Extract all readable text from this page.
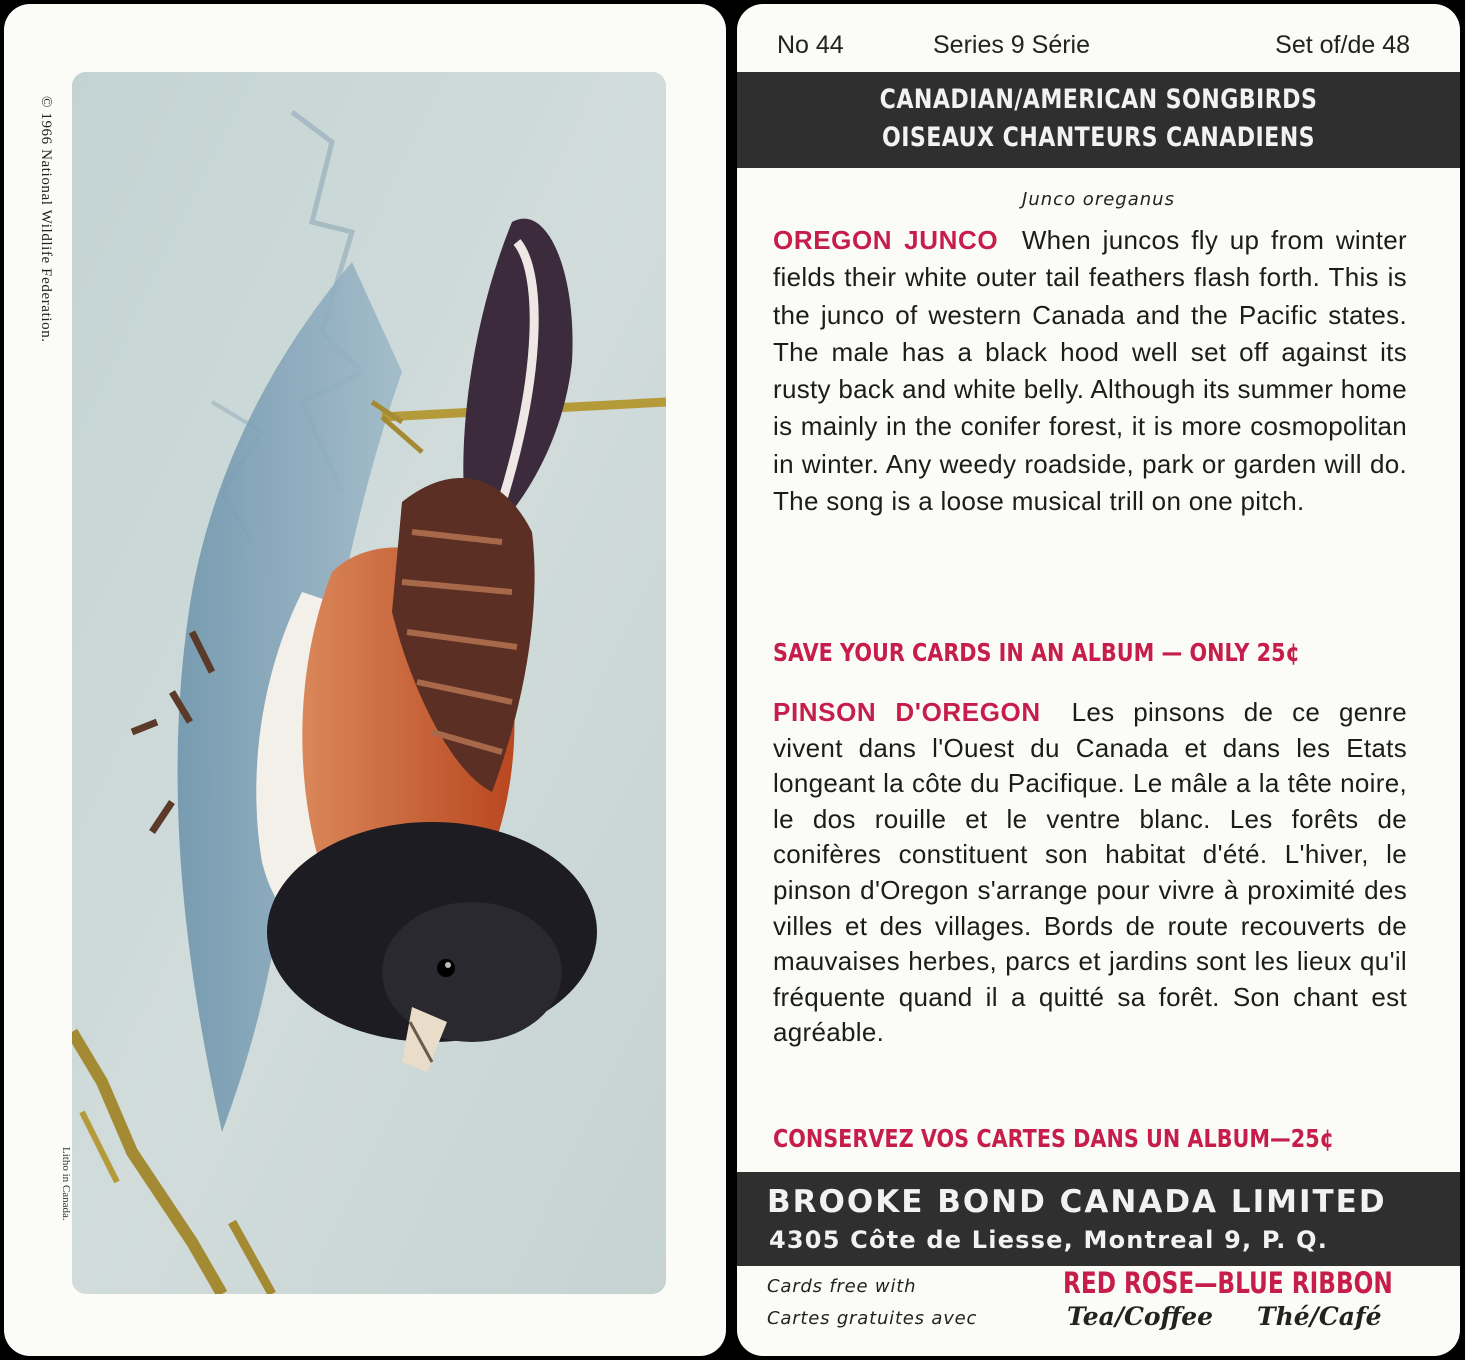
© 1966 National Wildlife Federation.
Litho in Canada.
No 44	Series 9 Série	Set of/de 48
CANADIAN/AMERICAN SONGBIRDS
OISEAUX CHANTEURS CANADIENS
Junco oreganus
OREGON JUNCO When juncos fly up from winter fields their white outer tail feathers flash forth. This is the junco of western Canada and the Pacific states. The male has a black hood well set off against its rusty back and white belly. Although its summer home is mainly in the conifer forest, it is more cosmopolitan in winter. Any weedy roadside, park or garden will do. The song is a loose musical trill on one pitch.
SAVE YOUR CARDS IN AN ALBUM — ONLY 25¢
PINSON D'OREGON Les pinsons de ce genre vivent dans l'Ouest du Canada et dans les Etats longeant la côte du Pacifique. Le mâle a la tête noire, le dos rouille et le ventre blanc. Les forêts de conifères constituent son habitat d'été. L'hiver, le pinson d'Oregon s'arrange pour vivre à proximité des villes et des villages. Bords de route recouverts de mauvaises herbes, parcs et jardins sont les lieux qu'il fréquente quand il a quitté sa forêt. Son chant est agréable.
CONSERVEZ VOS CARTES DANS UN ALBUM—25¢
BROOKE BOND CANADA LIMITED
4305 Côte de Liesse, Montreal 9, P. Q.
Cards free with
Cartes gratuites avec
RED ROSE—BLUE RIBBON
Tea/Coffee Thé/Café
